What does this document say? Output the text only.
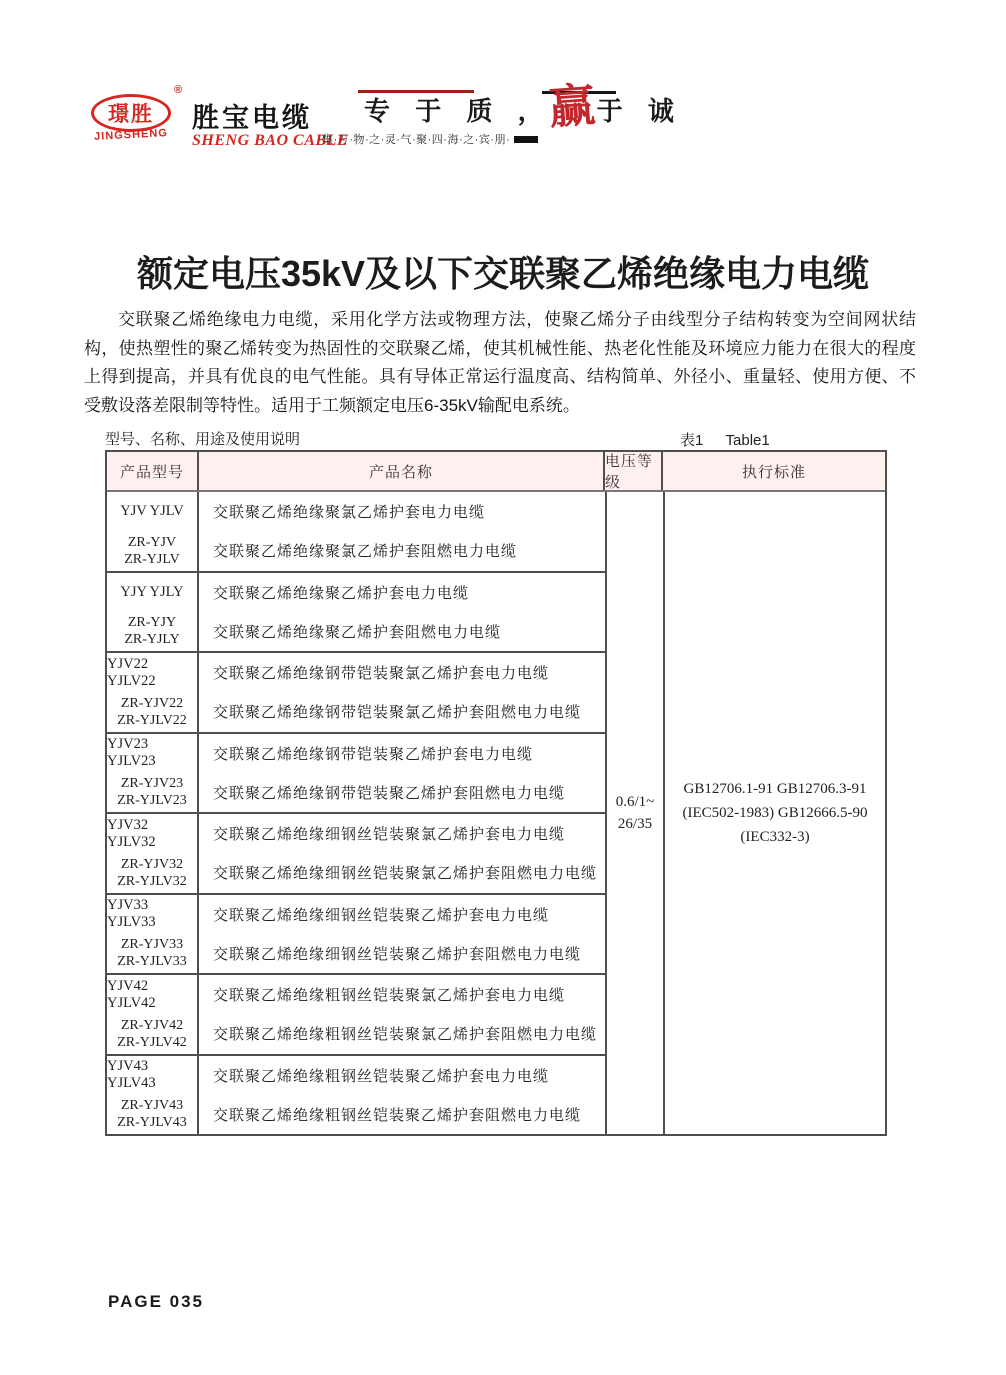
璟胜
®
JINGSHENG
胜宝电缆
SHENG BAO CABLE
专 于 质 ，
赢 于 诚
·集·万·物·之·灵·气·聚·四·海·之·宾·朋·
额定电压35kV及以下交联聚乙烯绝缘电力电缆
交联聚乙烯绝缘电力电缆，采用化学方法或物理方法，使聚乙烯分子由线型分子结构转变为空间网状结构，使热塑性的聚乙烯转变为热固性的交联聚乙烯，使其机械性能、热老化性能及环境应力能力在很大的程度上得到提高，并具有优良的电气性能。具有导体正常运行温度高、结构简单、外径小、重量轻、使用方便、不受敷设落差限制等特性。适用于工频额定电压6-35kV输配电系统。
型号、名称、用途及使用说明	表1 Table1
产品型号	产品名称
电压等级
执行标准
YJV YJLV
ZR-YJV
ZR-YJLV
交联聚乙烯绝缘聚氯乙烯护套电力电缆
交联聚乙烯绝缘聚氯乙烯护套阻燃电力电缆
YJY YJLY
ZR-YJY
ZR-YJLY
交联聚乙烯绝缘聚乙烯护套电力电缆
交联聚乙烯绝缘聚乙烯护套阻燃电力电缆
YJV22 YJLV22
ZR-YJV22
ZR-YJLV22
交联聚乙烯绝缘钢带铠装聚氯乙烯护套电力电缆
交联聚乙烯绝缘钢带铠装聚氯乙烯护套阻燃电力电缆
YJV23 YJLV23
ZR-YJV23
ZR-YJLV23
交联聚乙烯绝缘钢带铠装聚乙烯护套电力电缆
交联聚乙烯绝缘钢带铠装聚乙烯护套阻燃电力电缆
YJV32 YJLV32
ZR-YJV32
ZR-YJLV32
交联聚乙烯绝缘细钢丝铠装聚氯乙烯护套电力电缆
交联聚乙烯绝缘细钢丝铠装聚氯乙烯护套阻燃电力电缆
YJV33 YJLV33
ZR-YJV33
ZR-YJLV33
交联聚乙烯绝缘细钢丝铠装聚乙烯护套电力电缆
交联聚乙烯绝缘细钢丝铠装聚乙烯护套阻燃电力电缆
YJV42 YJLV42
ZR-YJV42
ZR-YJLV42
交联聚乙烯绝缘粗钢丝铠装聚氯乙烯护套电力电缆
交联聚乙烯绝缘粗钢丝铠装聚氯乙烯护套阻燃电力电缆
YJV43 YJLV43
ZR-YJV43
ZR-YJLV43
交联聚乙烯绝缘粗钢丝铠装聚乙烯护套电力电缆
交联聚乙烯绝缘粗钢丝铠装聚乙烯护套阻燃电力电缆
0.6/1~
26/35
GB12706.1-91 GB12706.3-91
(IEC502-1983) GB12666.5-90
(IEC332-3)
PAGE 035
